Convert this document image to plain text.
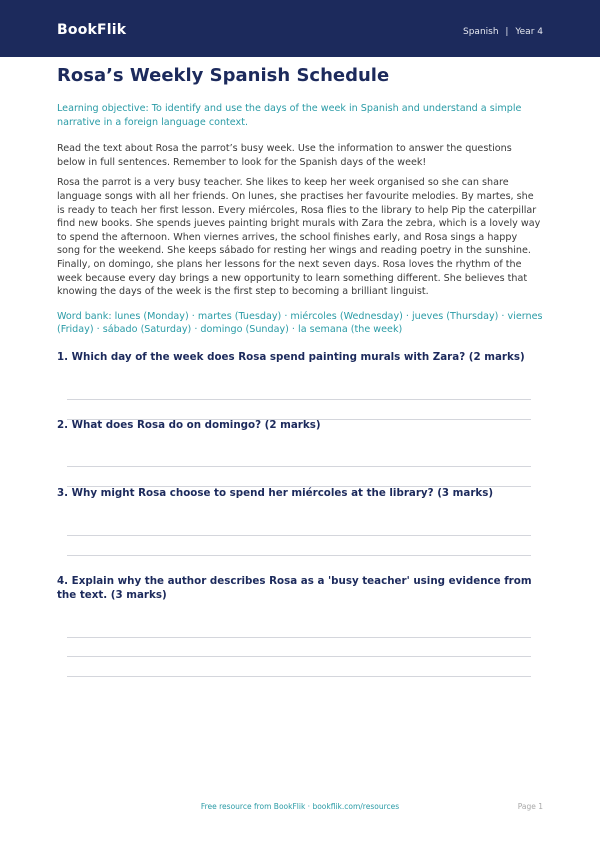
BookFlik	Spanish | Year 4
Rosa’s Weekly Spanish Schedule

Learning objective: To identify and use the days of the week in Spanish and understand a simple narrative in a foreign language context.

Read the text about Rosa the parrot’s busy week. Use the information to answer the questions below in full sentences. Remember to look for the Spanish days of the week!

Rosa the parrot is a very busy teacher. She likes to keep her week organised so she can share language songs with all her friends. On lunes, she practises her favourite melodies. By martes, she is ready to teach her first lesson. Every miércoles, Rosa flies to the library to help Pip the caterpillar find new books. She spends jueves painting bright murals with Zara the zebra, which is a lovely way to spend the afternoon. When viernes arrives, the school finishes early, and Rosa sings a happy song for the weekend. She keeps sábado for resting her wings and reading poetry in the sunshine. Finally, on domingo, she plans her lessons for the next seven days. Rosa loves the rhythm of the week because every day brings a new opportunity to learn something different. She believes that knowing the days of the week is the first step to becoming a brilliant linguist.

Word bank: lunes (Monday) · martes (Tuesday) · miércoles (Wednesday) · jueves (Thursday) · viernes (Friday) · sábado (Saturday) · domingo (Sunday) · la semana (the week)

1. Which day of the week does Rosa spend painting murals with Zara? (2 marks)
2. What does Rosa do on domingo? (2 marks)
3. Why might Rosa choose to spend her miércoles at the library? (3 marks)
4. Explain why the author describes Rosa as a 'busy teacher' using evidence from the text. (3 marks)
Free resource from BookFlik · bookflik.com/resources	Page 1
